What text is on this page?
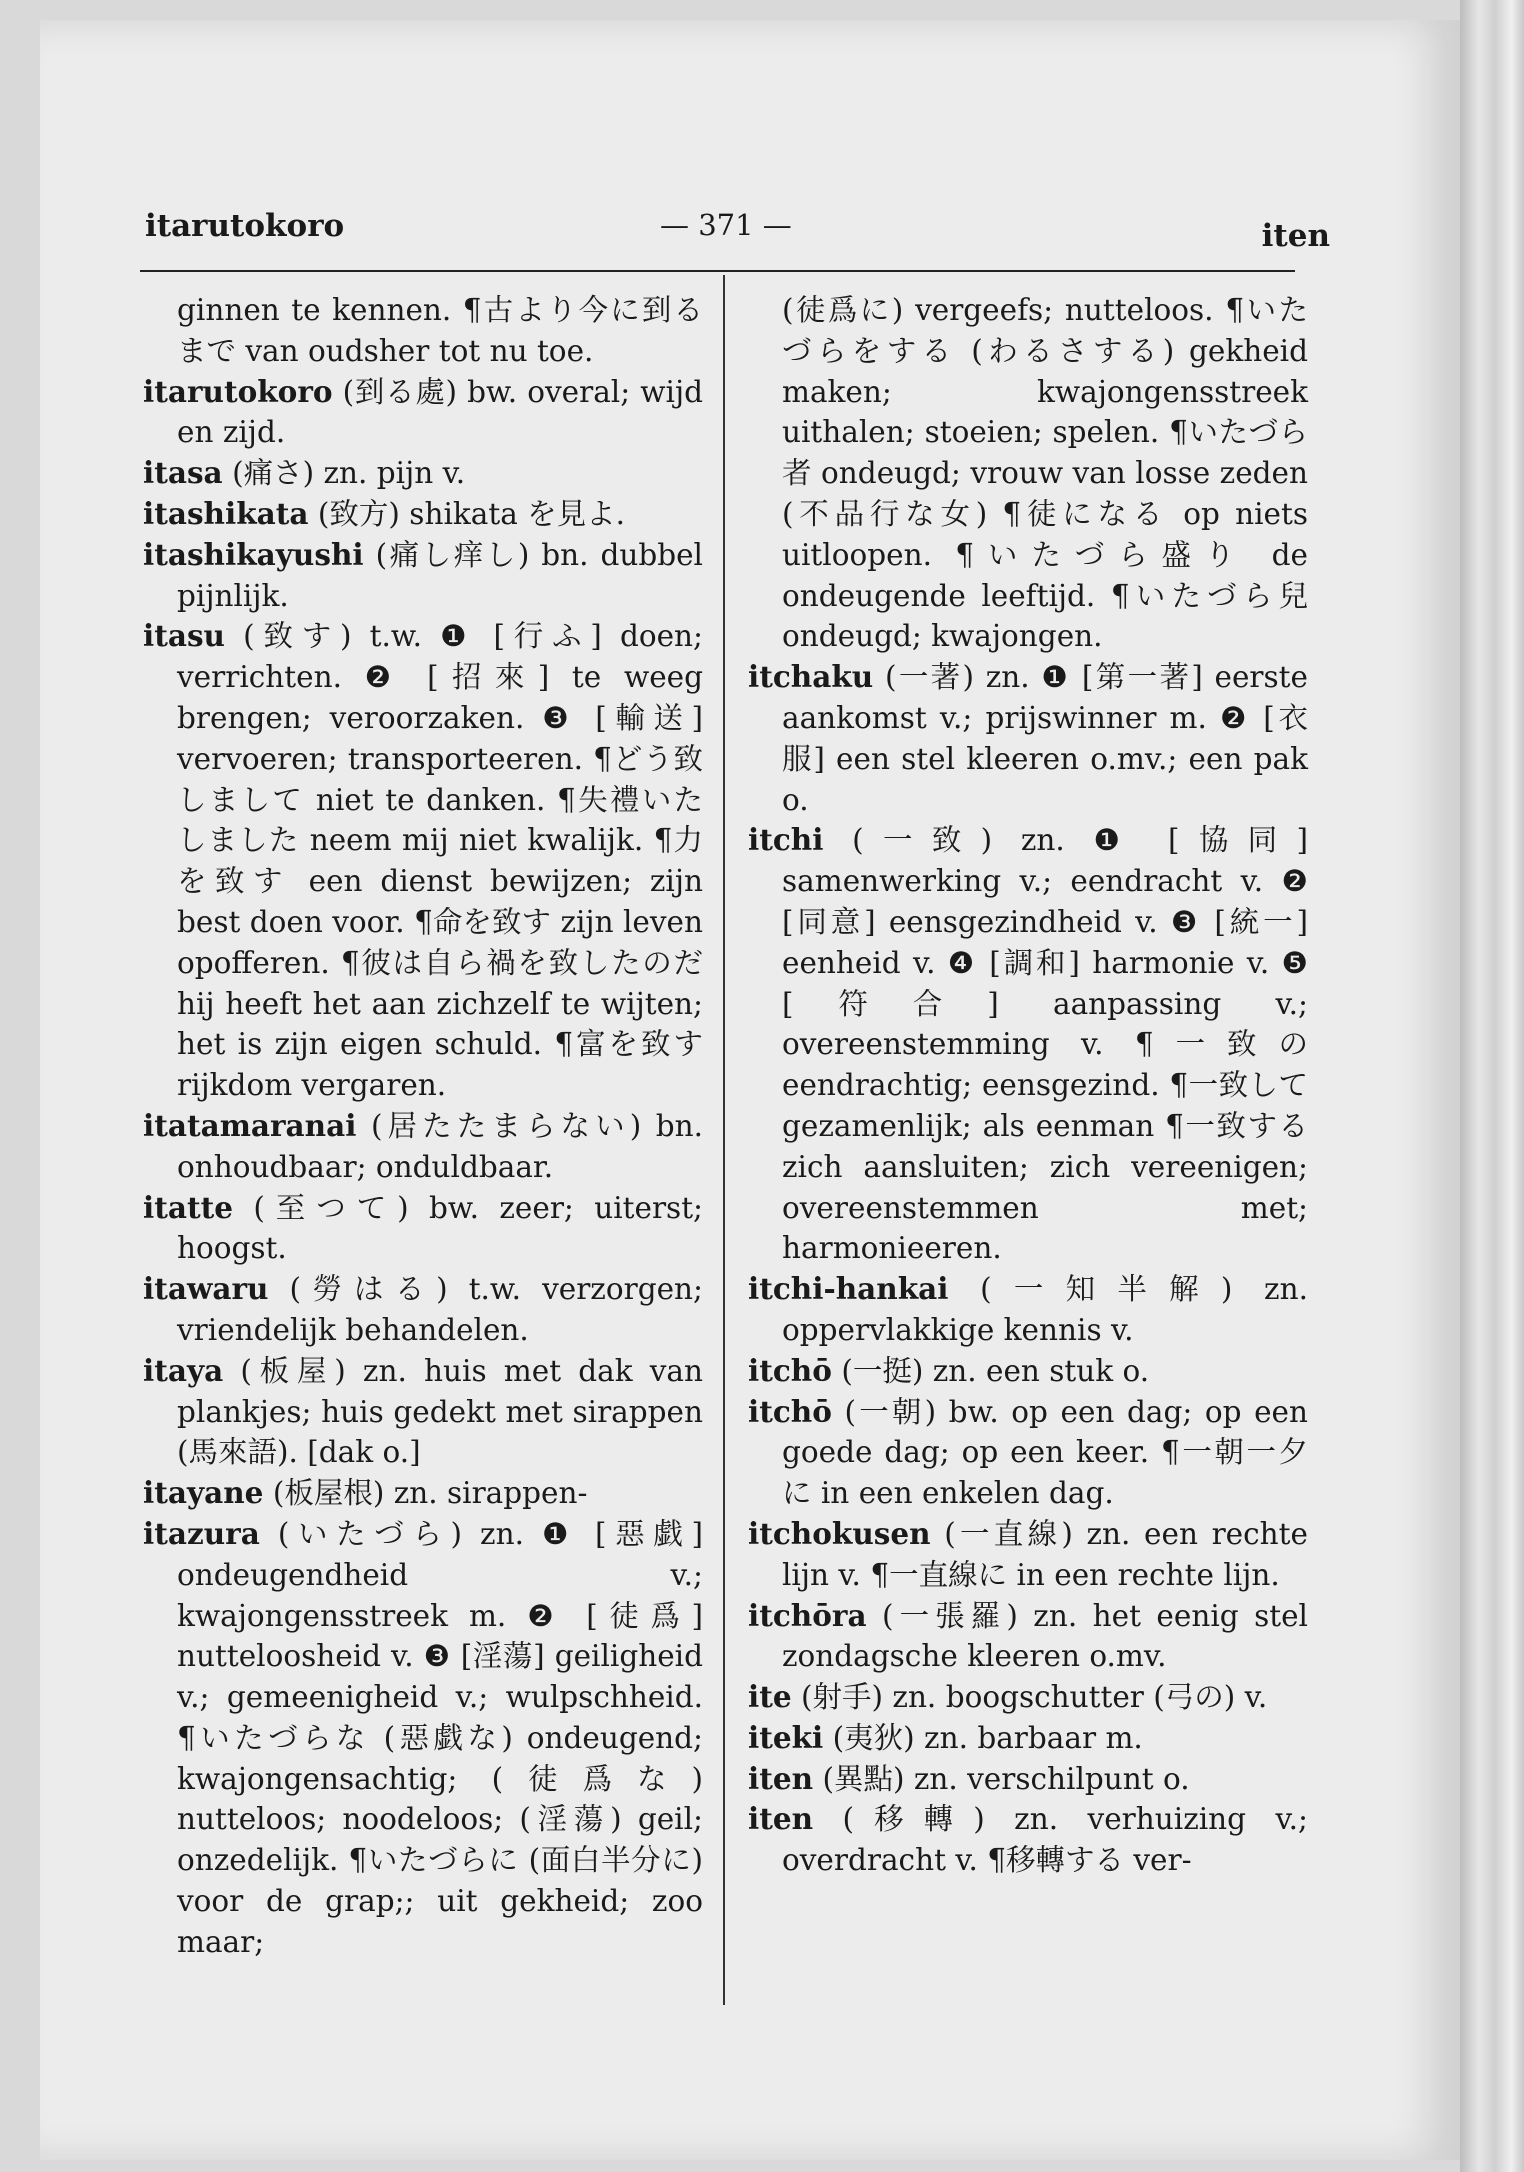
itarutokoro	— 371 —	iten

ginnen te kennen. ¶古より今に到るまで van oudsher tot nu toe.

itarutokoro (到る處) bw. overal; wijd en zijd.

itasa (痛さ) zn. pijn v.

itashikata (致方) shikata を見よ.

itashikayushi (痛し痒し) bn. dubbel pijnlijk.

itasu (致す) t.w. ❶ [行ふ] doen; verrichten. ❷ [招來] te weeg brengen; veroorzaken. ❸ [輸送] vervoeren; transporteeren. ¶どう致しまして niet te danken. ¶失禮いたしました neem mij niet kwalijk. ¶力を致す een dienst bewijzen; zijn best doen voor. ¶命を致す zijn leven opofferen. ¶彼は自ら禍を致したのだ hij heeft het aan zichzelf te wijten; het is zijn eigen schuld. ¶富を致す rijkdom vergaren.

itatamaranai (居たたまらない) bn. onhoudbaar; onduldbaar.

itatte (至つて) bw. zeer; uiterst; hoogst.

itawaru (勞はる) t.w. verzorgen; vriendelijk behandelen.

itaya (板屋) zn. huis met dak van plankjes; huis gedekt met sirappen (馬來語). [dak o.]

itayane (板屋根) zn. sirappen-

itazura (いたづら) zn. ❶ [惡戯] ondeugendheid v.; kwajongensstreek m. ❷ [徒爲] nutteloosheid v. ❸ [淫蕩] geiligheid v.; gemeenigheid v.; wulpschheid. ¶いたづらな (惡戯な) ondeugend; kwajongensachtig; (徒爲な) nutteloos; noodeloos; (淫蕩) geil; onzedelijk. ¶いたづらに (面白半分に) voor de grap;; uit gekheid; zoo maar;

(徒爲に) vergeefs; nutteloos. ¶いたづらをする (わるさする) gekheid maken; kwajongensstreek uithalen; stoeien; spelen. ¶いたづら者 ondeugd; vrouw van losse zeden (不品行な女) ¶徒になる op niets uitloopen. ¶いたづら盛り de ondeugende leeftijd. ¶いたづら兒 ondeugd; kwajongen.

itchaku (一著) zn. ❶ [第一著] eerste aankomst v.; prijswinner m. ❷ [衣服] een stel kleeren o.mv.; een pak o.

itchi (一致) zn. ❶ [協同] samenwerking v.; eendracht v. ❷ [同意] eensgezindheid v. ❸ [統一] eenheid v. ❹ [調和] harmonie v. ❺ [符合] aanpassing v.; overeenstemming v. ¶一致の eendrachtig; eensgezind. ¶一致して gezamenlijk; als eenman ¶一致する zich aansluiten; zich vereenigen; overeenstemmen met; harmonieeren.

itchi-hankai (一知半解) zn. oppervlakkige kennis v.

itchō (一挺) zn. een stuk o.

itchō (一朝) bw. op een dag; op een goede dag; op een keer. ¶一朝一夕に in een enkelen dag.

itchokusen (一直線) zn. een rechte lijn v. ¶一直線に in een rechte lijn.

itchōra (一張羅) zn. het eenig stel zondagsche kleeren o.mv.

ite (射手) zn. boogschutter (弓の) v.

iteki (夷狄) zn. barbaar m.

iten (異點) zn. verschilpunt o.

iten (移轉) zn. verhuizing v.; overdracht v. ¶移轉する ver-
